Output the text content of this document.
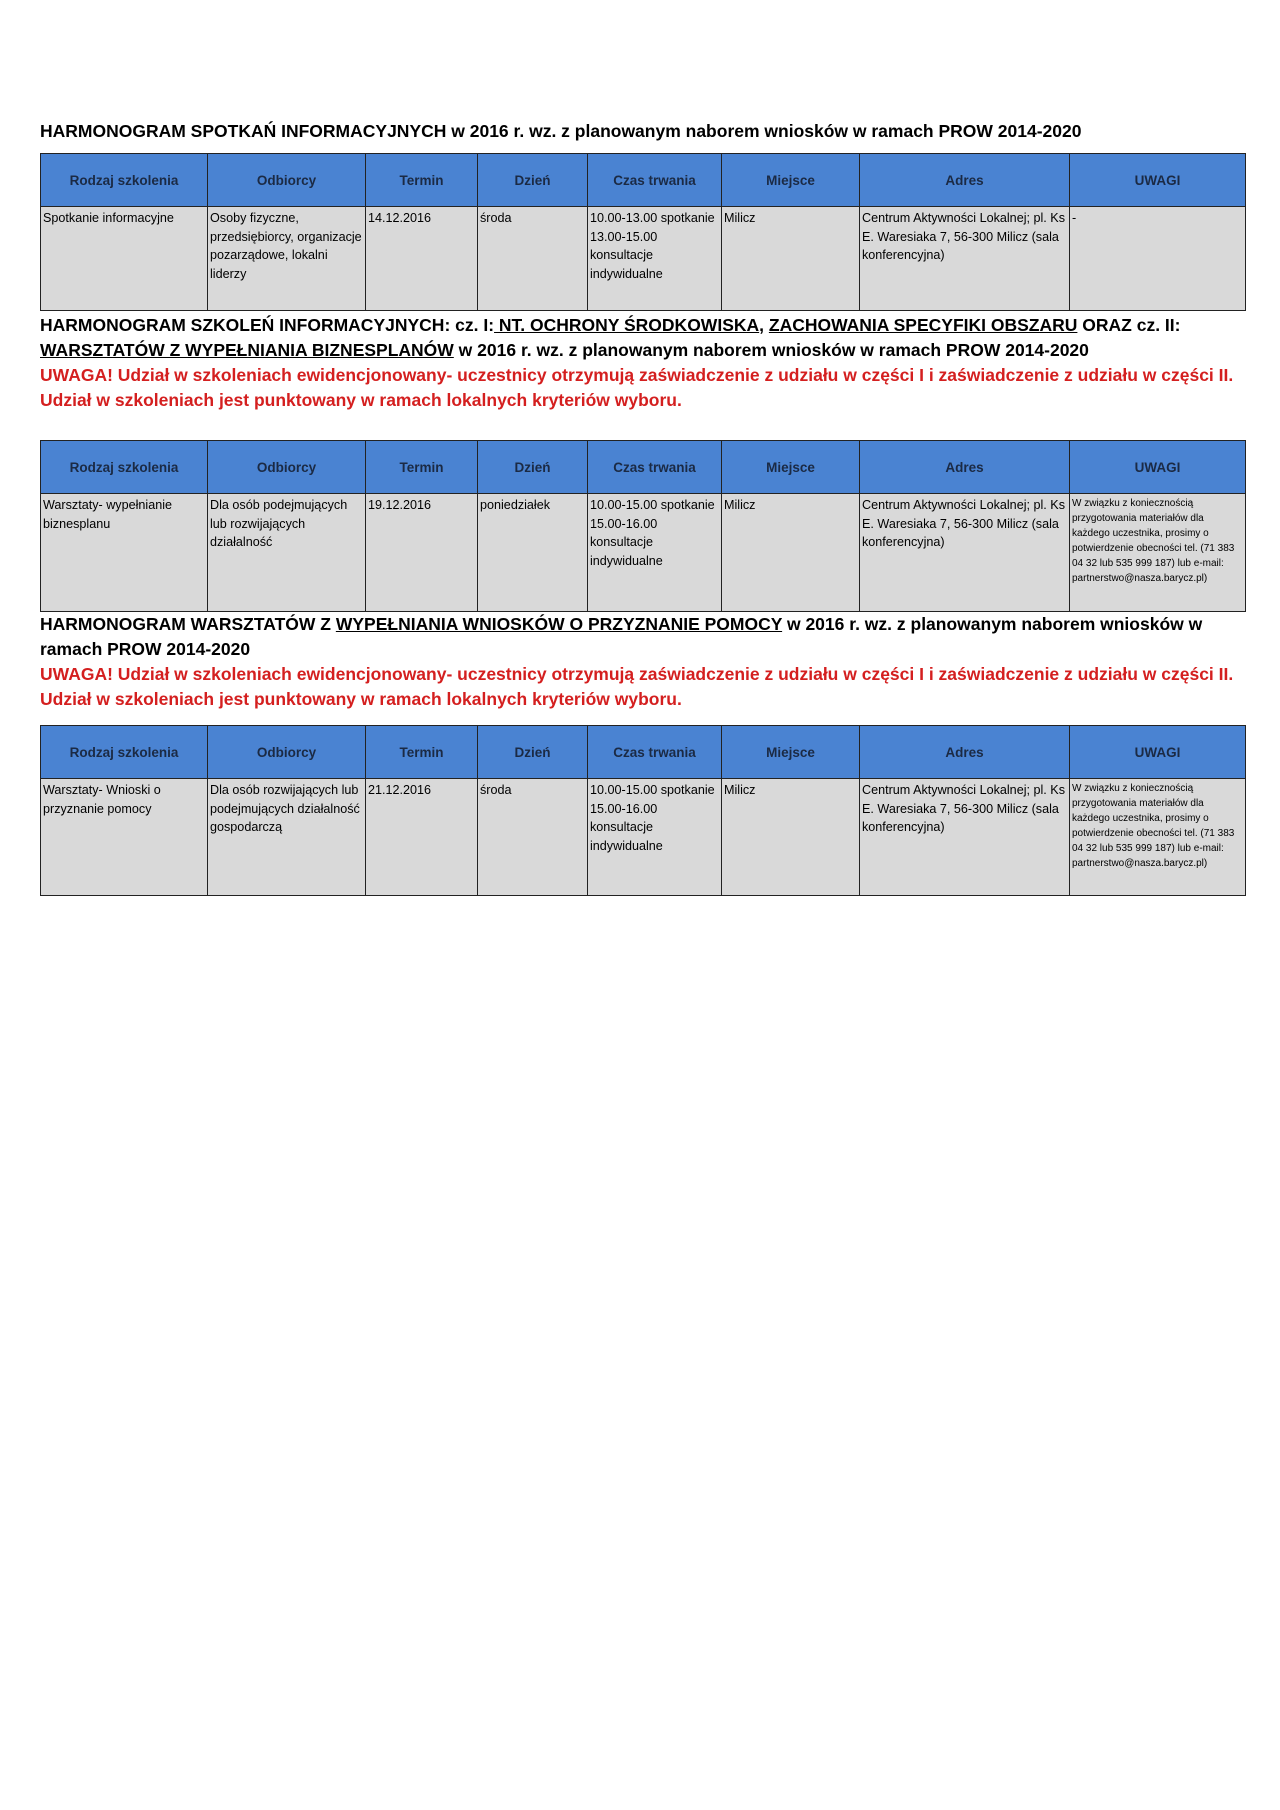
HARMONOGRAM SPOTKAŃ INFORMACYJNYCH w 2016 r. wz. z planowanym naborem wniosków w ramach PROW 2014-2020

Rodzaj szkolenia	Odbiorcy	Termin	Dzień	Czas trwania	Miejsce	Adres	UWAGI
Spotkanie informacyjne	Osoby fizyczne, przedsiębiorcy, organizacje pozarządowe, lokalni liderzy	14.12.2016	środa	10.00-13.00 spotkanie 13.00-15.00 konsultacje indywidualne	Milicz	Centrum Aktywności Lokalnej; pl. Ks E. Waresiaka 7, 56-300 Milicz (sala konferencyjna)	-

HARMONOGRAM SZKOLEŃ INFORMACYJNYCH: cz. I: NT. OCHRONY ŚRODKOWISKA, ZACHOWANIA SPECYFIKI OBSZARU ORAZ cz. II:
WARSZTATÓW Z WYPEŁNIANIA BIZNESPLANÓW w 2016 r. wz. z planowanym naborem wniosków w ramach PROW 2014-2020

UWAGA! Udział w szkoleniach ewidencjonowany- uczestnicy otrzymują zaświadczenie z udziału w części I i zaświadczenie z udziału w części II. Udział w szkoleniach jest punktowany w ramach lokalnych kryteriów wyboru.

Rodzaj szkolenia	Odbiorcy	Termin	Dzień	Czas trwania	Miejsce	Adres	UWAGI
Warsztaty- wypełnianie biznesplanu	Dla osób podejmujących lub rozwijających działalność	19.12.2016	poniedziałek	10.00-15.00 spotkanie 15.00-16.00 konsultacje indywidualne	Milicz	Centrum Aktywności Lokalnej; pl. Ks E. Waresiaka 7, 56-300 Milicz (sala konferencyjna)	W związku z koniecznością przygotowania materiałów dla każdego uczestnika, prosimy o potwierdzenie obecności tel. (71 383 04 32 lub 535 999 187) lub e-mail: partnerstwo@nasza.barycz.pl)

HARMONOGRAM WARSZTATÓW Z WYPEŁNIANIA WNIOSKÓW O PRZYZNANIE POMOCY w 2016 r. wz. z planowanym naborem wniosków w ramach PROW 2014-2020

UWAGA! Udział w szkoleniach ewidencjonowany- uczestnicy otrzymują zaświadczenie z udziału w części I i zaświadczenie z udziału w części II. Udział w szkoleniach jest punktowany w ramach lokalnych kryteriów wyboru.

Rodzaj szkolenia	Odbiorcy	Termin	Dzień	Czas trwania	Miejsce	Adres	UWAGI
Warsztaty- Wnioski o przyznanie pomocy	Dla osób rozwijających lub podejmujących działalność gospodarczą	21.12.2016	środa	10.00-15.00 spotkanie 15.00-16.00 konsultacje indywidualne	Milicz	Centrum Aktywności Lokalnej; pl. Ks E. Waresiaka 7, 56-300 Milicz (sala konferencyjna)	W związku z koniecznością przygotowania materiałów dla każdego uczestnika, prosimy o potwierdzenie obecności tel. (71 383 04 32 lub 535 999 187) lub e-mail: partnerstwo@nasza.barycz.pl)
